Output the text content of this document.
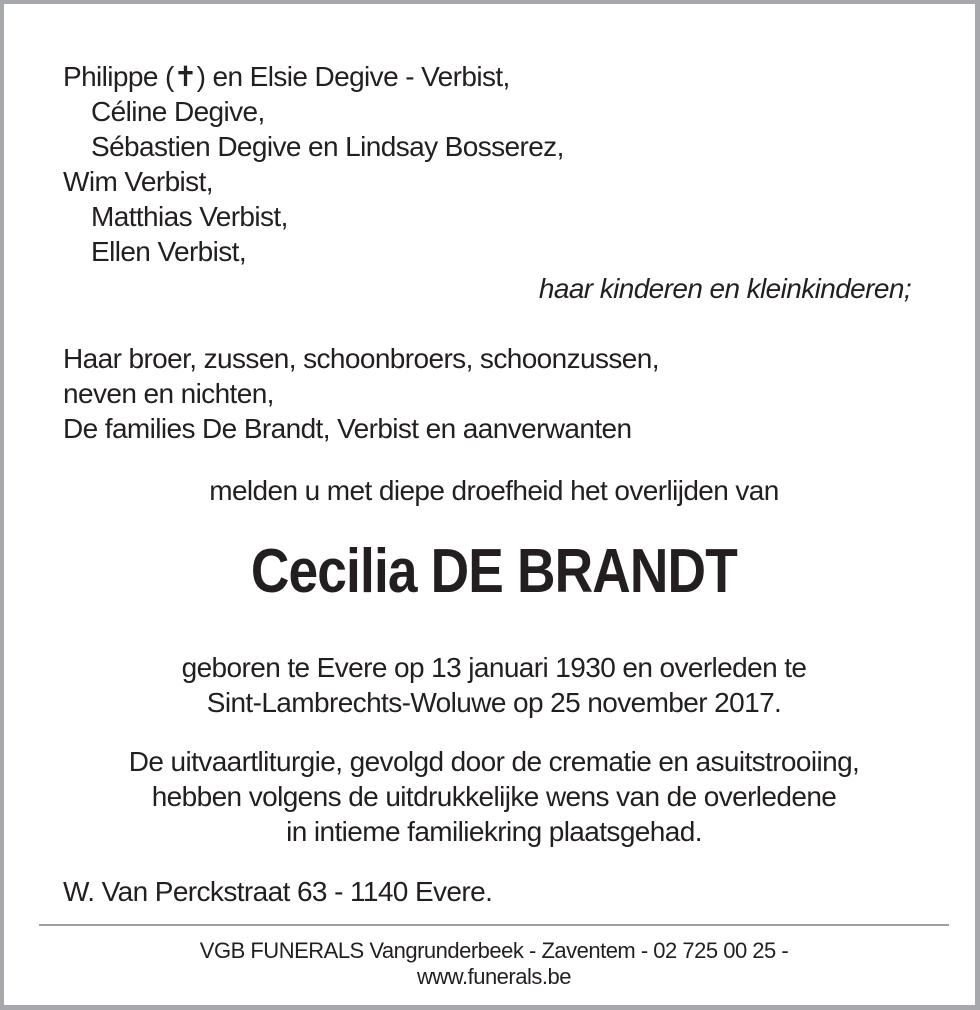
Philippe (✝) en Elsie Degive - Verbist,
Céline Degive,
Sébastien Degive en Lindsay Bosserez,
Wim Verbist,
Matthias Verbist,
Ellen Verbist,
haar kinderen en kleinkinderen;
Haar broer, zussen, schoonbroers, schoonzussen,
neven en nichten,
De families De Brandt, Verbist en aanverwanten
melden u met diepe droefheid het overlijden van
Cecilia DE BRANDT
geboren te Evere op 13 januari 1930 en overleden te
Sint-Lambrechts-Woluwe op 25 november 2017.
De uitvaartliturgie, gevolgd door de crematie en asuitstrooiing,
hebben volgens de uitdrukkelijke wens van de overledene
in intieme familiekring plaatsgehad.
W. Van Perckstraat 63 - 1140 Evere.
VGB FUNERALS Vangrunderbeek - Zaventem - 02 725 00 25 -
www.funerals.be
